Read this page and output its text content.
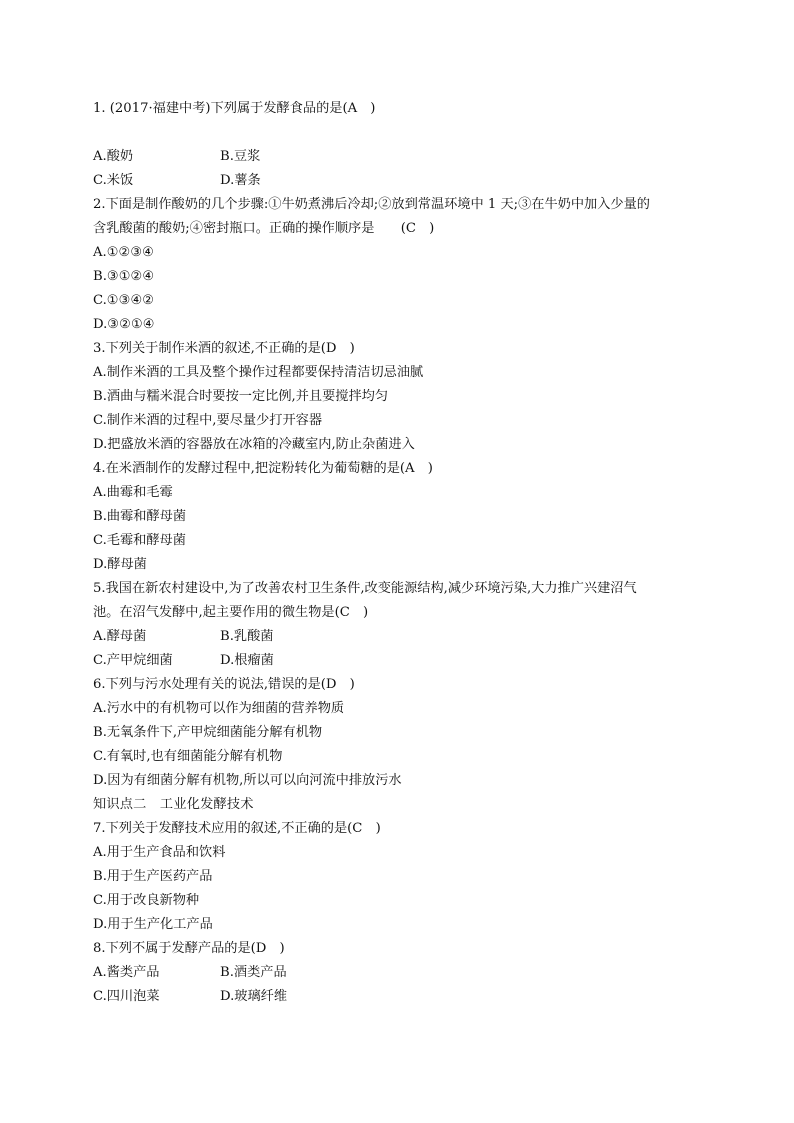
1. (2017·福建中考)下列属于发酵食品的是(A　)
A.酸奶	B.豆浆
C.米饭	D.薯条
2.下面是制作酸奶的几个步骤:①牛奶煮沸后冷却;②放到常温环境中 1 天;③在牛奶中加入少量的
含乳酸菌的酸奶;④密封瓶口。正确的操作顺序是　　(C　)
A.①②③④
B.③①②④
C.①③④②
D.③②①④
3.下列关于制作米酒的叙述,不正确的是(D　)
A.制作米酒的工具及整个操作过程都要保持清洁切忌油腻
B.酒曲与糯米混合时要按一定比例,并且要搅拌均匀
C.制作米酒的过程中,要尽量少打开容器
D.把盛放米酒的容器放在冰箱的冷藏室内,防止杂菌进入
4.在米酒制作的发酵过程中,把淀粉转化为葡萄糖的是(A　)
A.曲霉和毛霉
B.曲霉和酵母菌
C.毛霉和酵母菌
D.酵母菌
5.我国在新农村建设中,为了改善农村卫生条件,改变能源结构,减少环境污染,大力推广兴建沼气
池。在沼气发酵中,起主要作用的微生物是(C　)
A.酵母菌	B.乳酸菌
C.产甲烷细菌	D.根瘤菌
6.下列与污水处理有关的说法,错误的是(D　)
A.污水中的有机物可以作为细菌的营养物质
B.无氧条件下,产甲烷细菌能分解有机物
C.有氧时,也有细菌能分解有机物
D.因为有细菌分解有机物,所以可以向河流中排放污水
知识点二　工业化发酵技术
7.下列关于发酵技术应用的叙述,不正确的是(C　)
A.用于生产食品和饮料
B.用于生产医药产品
C.用于改良新物种
D.用于生产化工产品
8.下列不属于发酵产品的是(D　)
A.酱类产品	B.酒类产品
C.四川泡菜	D.玻璃纤维
